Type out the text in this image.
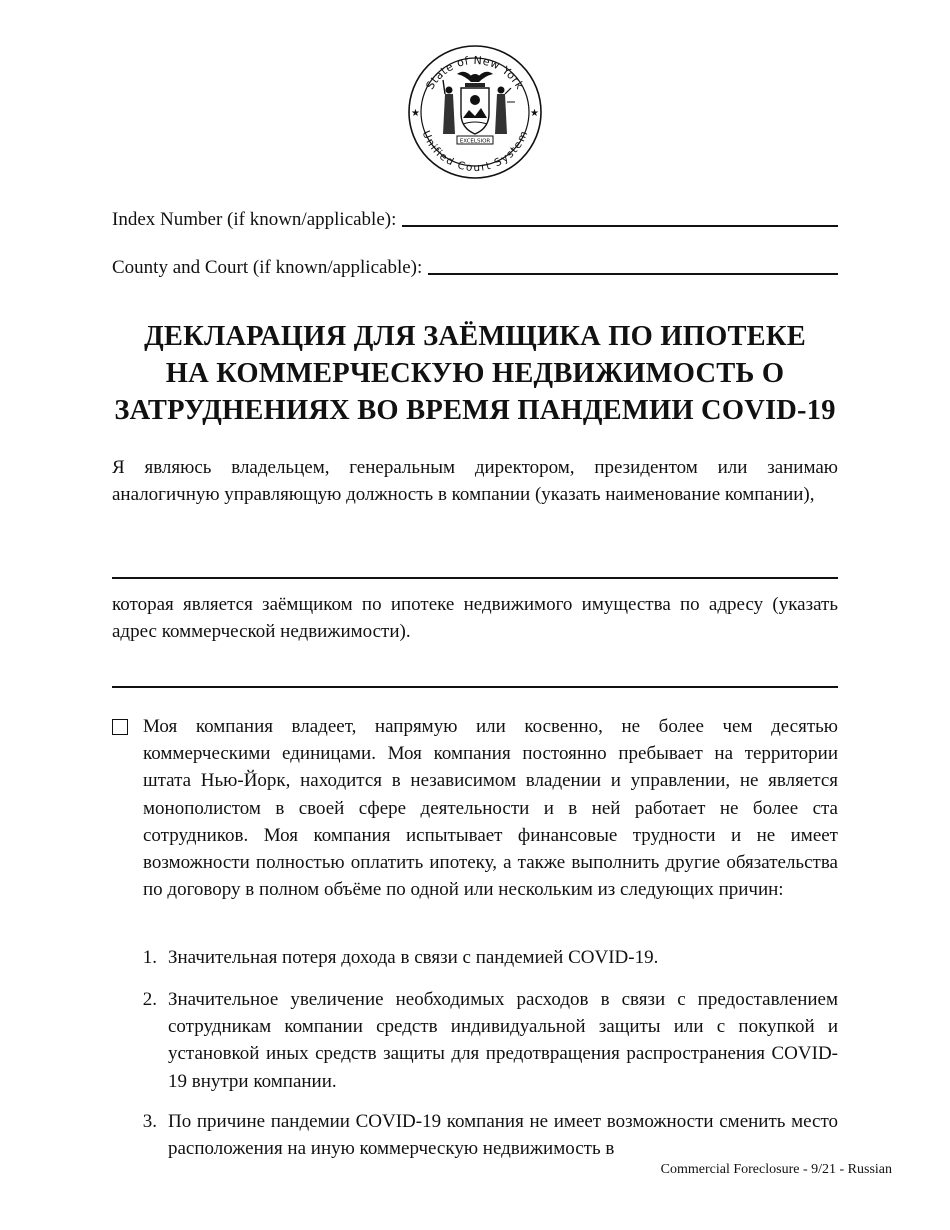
State of New York
Unified Court System
★	★
EXCELSIOR
Index Number (if known/applicable):
County and Court (if known/applicable):
ДЕКЛАРАЦИЯ ДЛЯ ЗАЁМЩИКА ПО ИПОТЕКЕ
НА КОММЕРЧЕСКУЮ НЕДВИЖИМОСТЬ О
ЗАТРУДНЕНИЯХ ВО ВРЕМЯ ПАНДЕМИИ COVID-19
Я являюсь владельцем, генеральным директором, президентом или занимаю аналогичную управляющую должность в компании (указать наименование компании),
которая является заёмщиком по ипотеке недвижимого имущества по адресу (указать адрес коммерческой недвижимости).
Моя компания владеет, напрямую или косвенно, не более чем десятью коммерческими единицами. Моя компания постоянно пребывает на территории штата Нью-Йорк, находится в независимом владении и управлении, не является монополистом в своей сфере деятельности и в ней работает не более ста сотрудников. Моя компания испытывает финансовые трудности и не имеет возможности полностью оплатить ипотеку, а также выполнить другие обязательства по договору в полном объёме по одной или нескольким из следующих причин:
1. Значительная потеря дохода в связи с пандемией COVID-19.
2. Значительное увеличение необходимых расходов в связи с предоставлением сотрудникам компании средств индивидуальной защиты или с покупкой и установкой иных средств защиты для предотвращения распространения COVID-19 внутри компании.
3. По причине пандемии COVID-19 компания не имеет возможности сменить место расположения на иную коммерческую недвижимость в
Commercial Foreclosure - 9/21 - Russian
